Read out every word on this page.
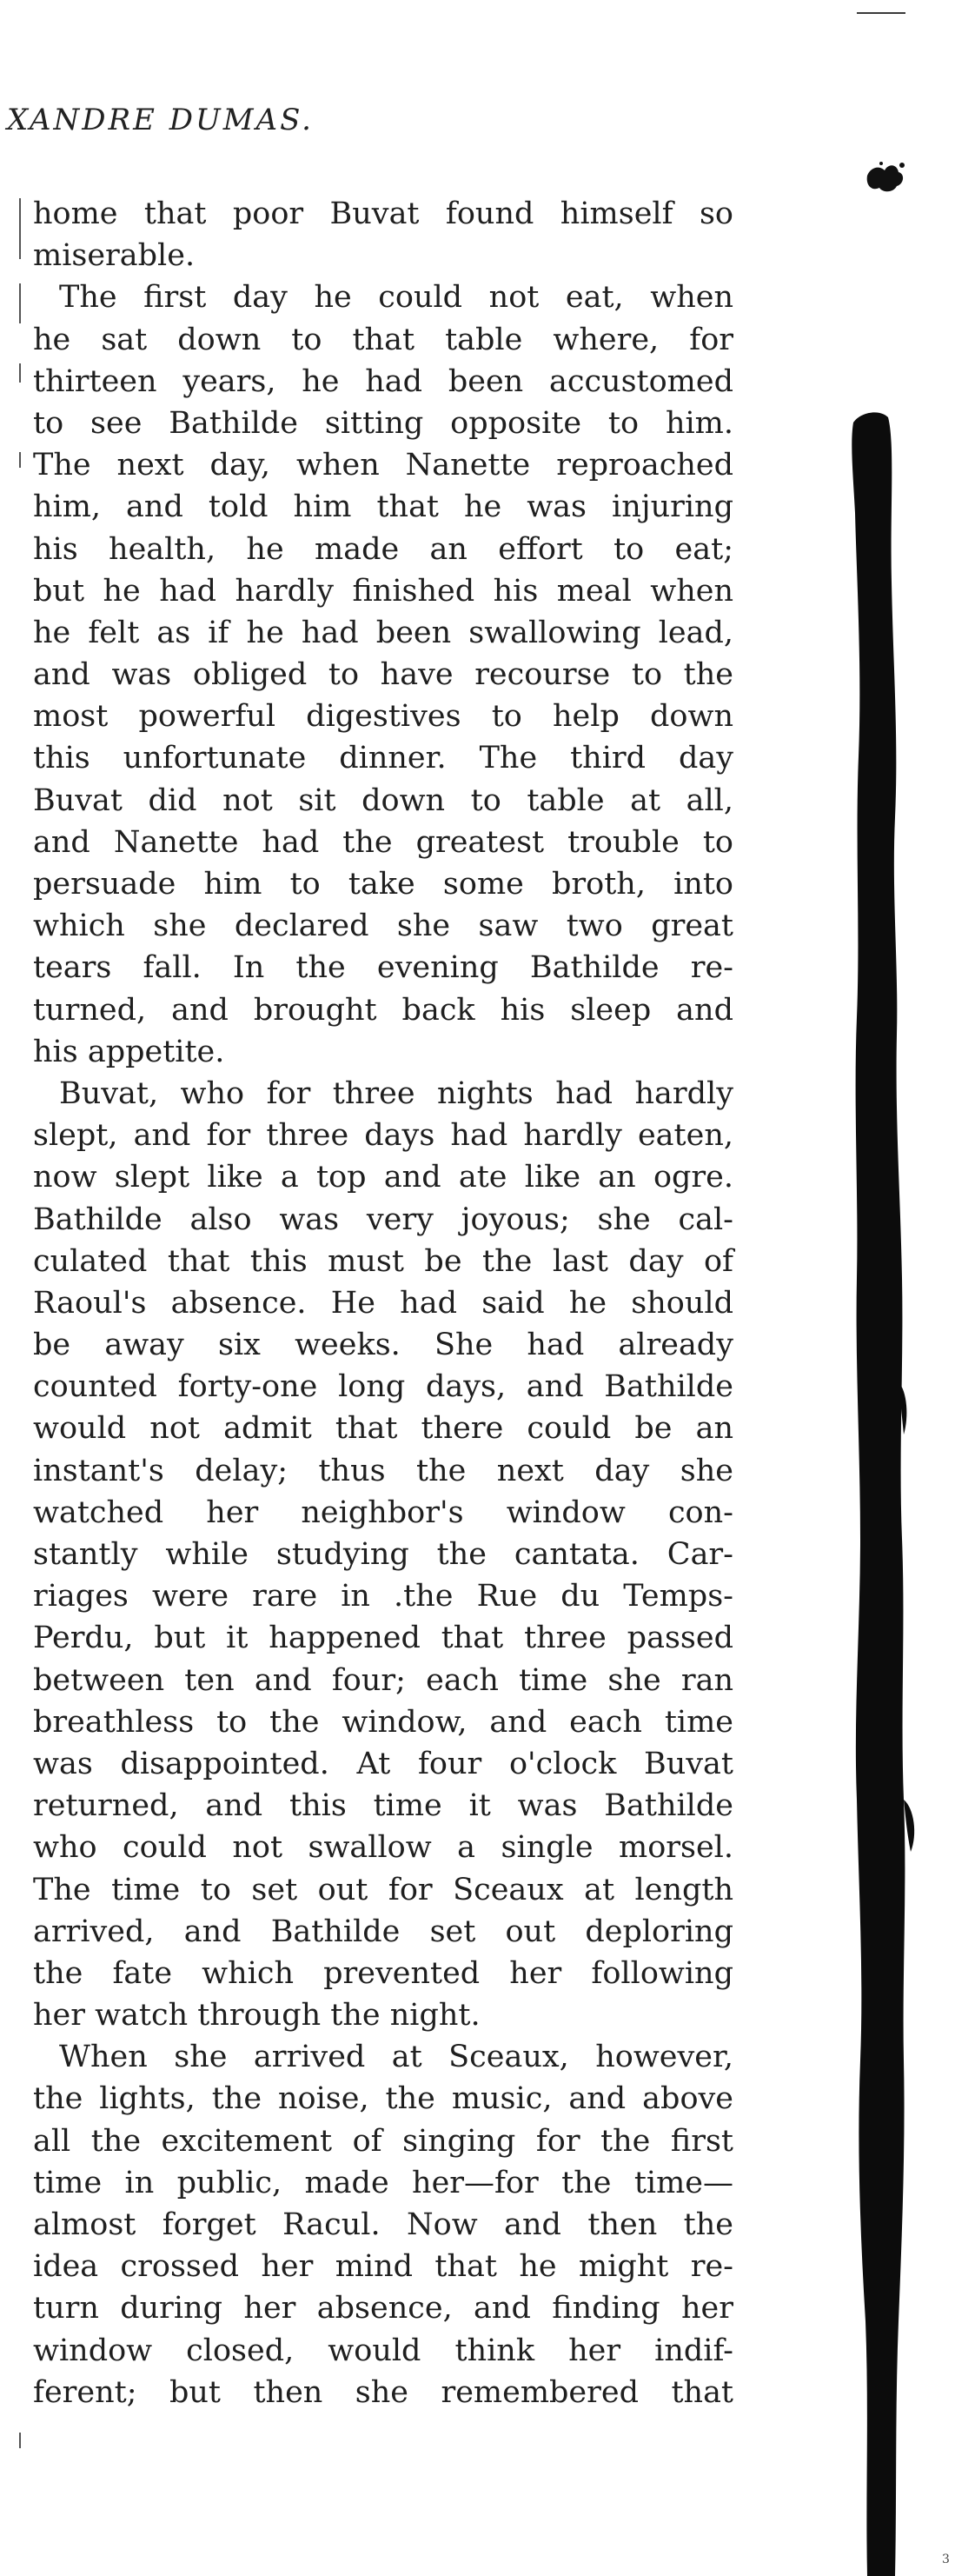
XANDRE DUMAS.
home that poor Buvat found himself so
miserable.
The first day he could not eat, when
he sat down to that table where, for
thirteen years, he had been accustomed
to see Bathilde sitting opposite to him.
The next day, when Nanette reproached
him, and told him that he was injuring
his health, he made an effort to eat;
but he had hardly finished his meal when
he felt as if he had been swallowing lead,
and was obliged to have recourse to the
most powerful digestives to help down
this unfortunate dinner. The third day
Buvat did not sit down to table at all,
and Nanette had the greatest trouble to
persuade him to take some broth, into
which she declared she saw two great
tears fall. In the evening Bathilde re-
turned, and brought back his sleep and
his appetite.
Buvat, who for three nights had hardly
slept, and for three days had hardly eaten,
now slept like a top and ate like an ogre.
Bathilde also was very joyous; she cal-
culated that this must be the last day of
Raoul's absence. He had said he should
be away six weeks. She had already
counted forty-one long days, and Bathilde
would not admit that there could be an
instant's delay; thus the next day she
watched her neighbor's window con-
stantly while studying the cantata. Car-
riages were rare in .the Rue du Temps-
Perdu, but it happened that three passed
between ten and four; each time she ran
breathless to the window, and each time
was disappointed. At four o'clock Buvat
returned, and this time it was Bathilde
who could not swallow a single morsel.
The time to set out for Sceaux at length
arrived, and Bathilde set out deploring
the fate which prevented her following
her watch through the night.
When she arrived at Sceaux, however,
the lights, the noise, the music, and above
all the excitement of singing for the first
time in public, made her—for the time—
almost forget Racul. Now and then the
idea crossed her mind that he might re-
turn during her absence, and finding her
window closed, would think her indif-
ferent; but then she remembered that
3
